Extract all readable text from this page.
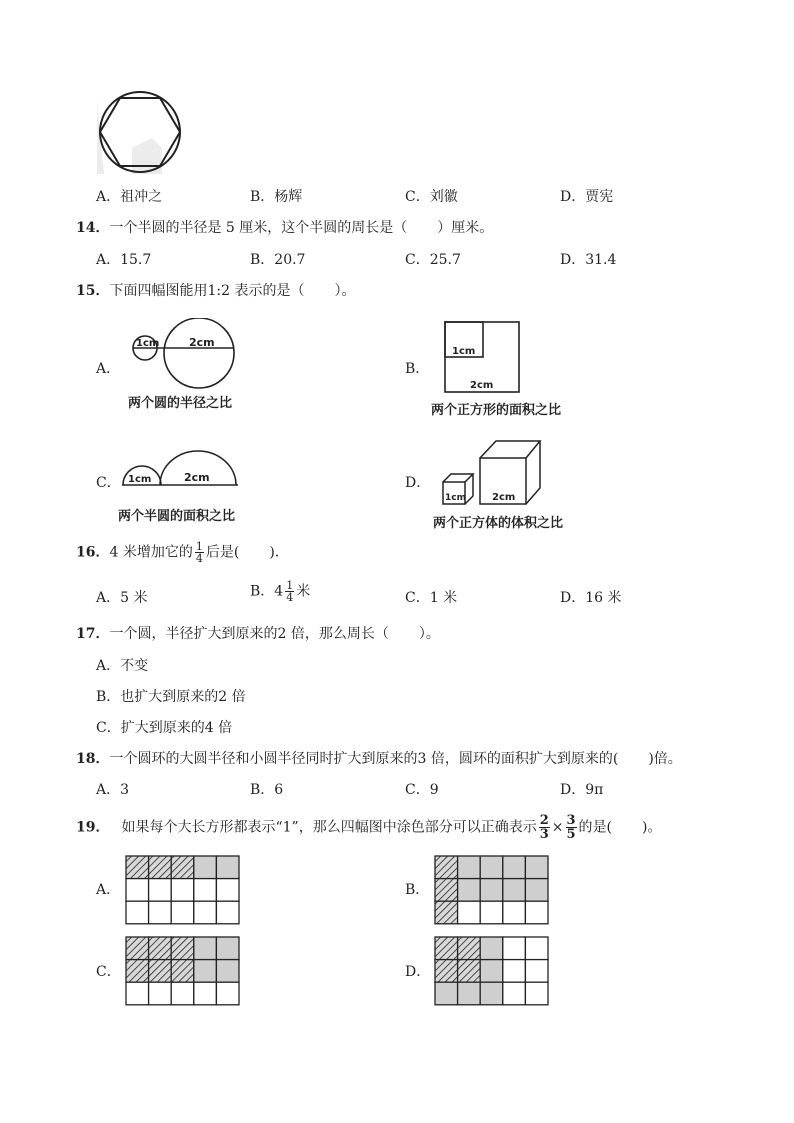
A．祖冲之	B．杨辉	C．刘徽	D．贾宪
14．一个半圆的半径是 5 厘米，这个半圆的周长是（ ）厘米。
A．15.7	B．20.7	C．25.7	D．31.4
15．下面四幅图能用1:2 表示的是（ ）。
A．
1cm	2cm
两个圆的半径之比
B．
1cm
2cm
两个正方形的面积之比
C． 1cm	2cm
两个半圆的面积之比
D．
1cm	2cm
两个正方体的体积之比
16．4 米增加它的 $\frac{1}{4}$ 后是( )．
A．5 米	B．$4 \frac{1}{4}$ 米	C．1 米	D．16 米
17．一个圆，半径扩大到原来的2 倍，那么周长（ ）。
A．不变
B．也扩大到原来的2 倍
C．扩大到原来的4 倍
18．一个圆环的大圆半径和小圆半径同时扩大到原来的3 倍，圆环的面积扩大到原来的( )倍。
A．3	B．6	C．9	D．9π
19． 如果每个大长方形都表示“1”，那么四幅图中涂色部分可以正确表示 $\frac{2}{3} \times \frac{3}{5}$ 的是( )。
A．	B．
C．	D．
